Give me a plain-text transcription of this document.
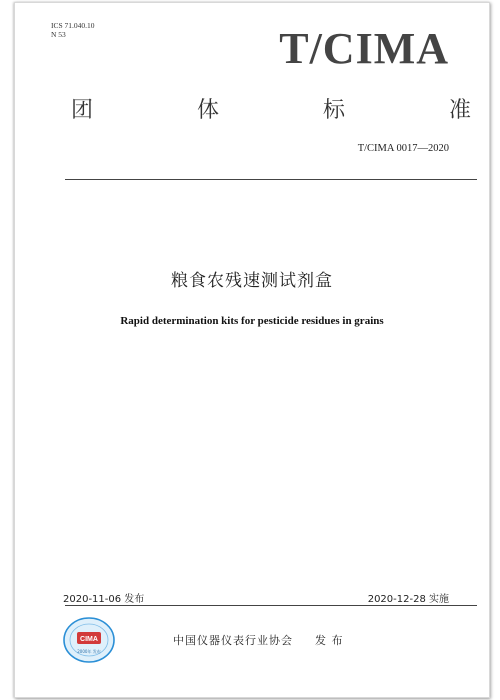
ICS 71.040.10
N 53	T/CIMA
团	体	标	准
T/CIMA 0017—2020
粮食农残速测试剂盒
Rapid determination kits for pesticide residues in grains
2020-11-06 发布	2020-12-28 实施
CIMA
2000年 发布
中国仪器仪表行业协会 发 布
